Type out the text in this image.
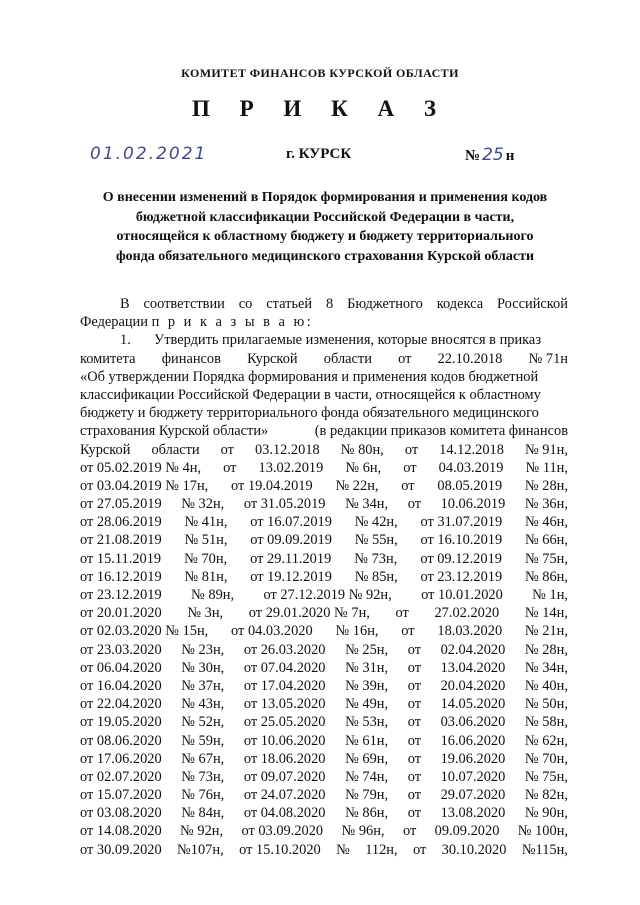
КОМИТЕТ ФИНАНСОВ КУРСКОЙ ОБЛАСТИ
П Р И К А З
01.02.2021	г. КУРСК	№ 25 н
О внесении изменений в Порядок формирования и применения кодов
бюджетной классификации Российской Федерации в части,
относящейся к областному бюджету и бюджету территориального
фонда обязательного медицинского страхования Курской области
В соответствии со статьей 8 Бюджетного кодекса Российской
Федерации
п р и к а з ы в а ю:
1.	Утвердить прилагаемые изменения, которые вносятся в приказ
комитета финансов Курской области от 22.10.2018 № 71н
«Об утверждении Порядка формирования и применения кодов бюджетной
классификации Российской Федерации в части, относящейся к областному
бюджету и бюджету территориального фонда обязательного медицинского
страхования Курской области»	(в редакции приказов комитета финансов
Курской области от 03.12.2018 № 80н, от 14.12.2018 № 91н,
от 05.02.2019 № 4н, от 13.02.2019 № 6н, от 04.03.2019 № 11н,
от 03.04.2019 № 17н, от 19.04.2019 № 22н, от 08.05.2019 № 28н,
от 27.05.2019 № 32н, от 31.05.2019 № 34н, от 10.06.2019 № 36н,
от 28.06.2019 № 41н, от 16.07.2019 № 42н, от 31.07.2019 № 46н,
от 21.08.2019 № 51н, от 09.09.2019 № 55н, от 16.10.2019 № 66н,
от 15.11.2019 № 70н, от 29.11.2019 № 73н, от 09.12.2019 № 75н,
от 16.12.2019 № 81н, от 19.12.2019 № 85н, от 23.12.2019 № 86н,
от 23.12.2019 № 89н, от 27.12.2019 № 92н, от 10.01.2020 № 1н,
от 20.01.2020 № 3н, от 29.01.2020 № 7н, от 27.02.2020 № 14н,
от 02.03.2020 № 15н, от 04.03.2020 № 16н, от 18.03.2020 № 21н,
от 23.03.2020 № 23н, от 26.03.2020 № 25н, от 02.04.2020 № 28н,
от 06.04.2020 № 30н, от 07.04.2020 № 31н, от 13.04.2020 № 34н,
от 16.04.2020 № 37н, от 17.04.2020 № 39н, от 20.04.2020 № 40н,
от 22.04.2020 № 43н, от 13.05.2020 № 49н, от 14.05.2020 № 50н,
от 19.05.2020 № 52н, от 25.05.2020 № 53н, от 03.06.2020 № 58н,
от 08.06.2020 № 59н, от 10.06.2020 № 61н, от 16.06.2020 № 62н,
от 17.06.2020 № 67н, от 18.06.2020 № 69н, от 19.06.2020 № 70н,
от 02.07.2020 № 73н, от 09.07.2020 № 74н, от 10.07.2020 № 75н,
от 15.07.2020 № 76н, от 24.07.2020 № 79н, от 29.07.2020 № 82н,
от 03.08.2020 № 84н, от 04.08.2020 № 86н, от 13.08.2020 № 90н,
от 14.08.2020 № 92н, от 03.09.2020 № 96н, от 09.09.2020 № 100н,
от 30.09.2020 №107н, от 15.10.2020 № 112н, от 30.10.2020 №115н,
